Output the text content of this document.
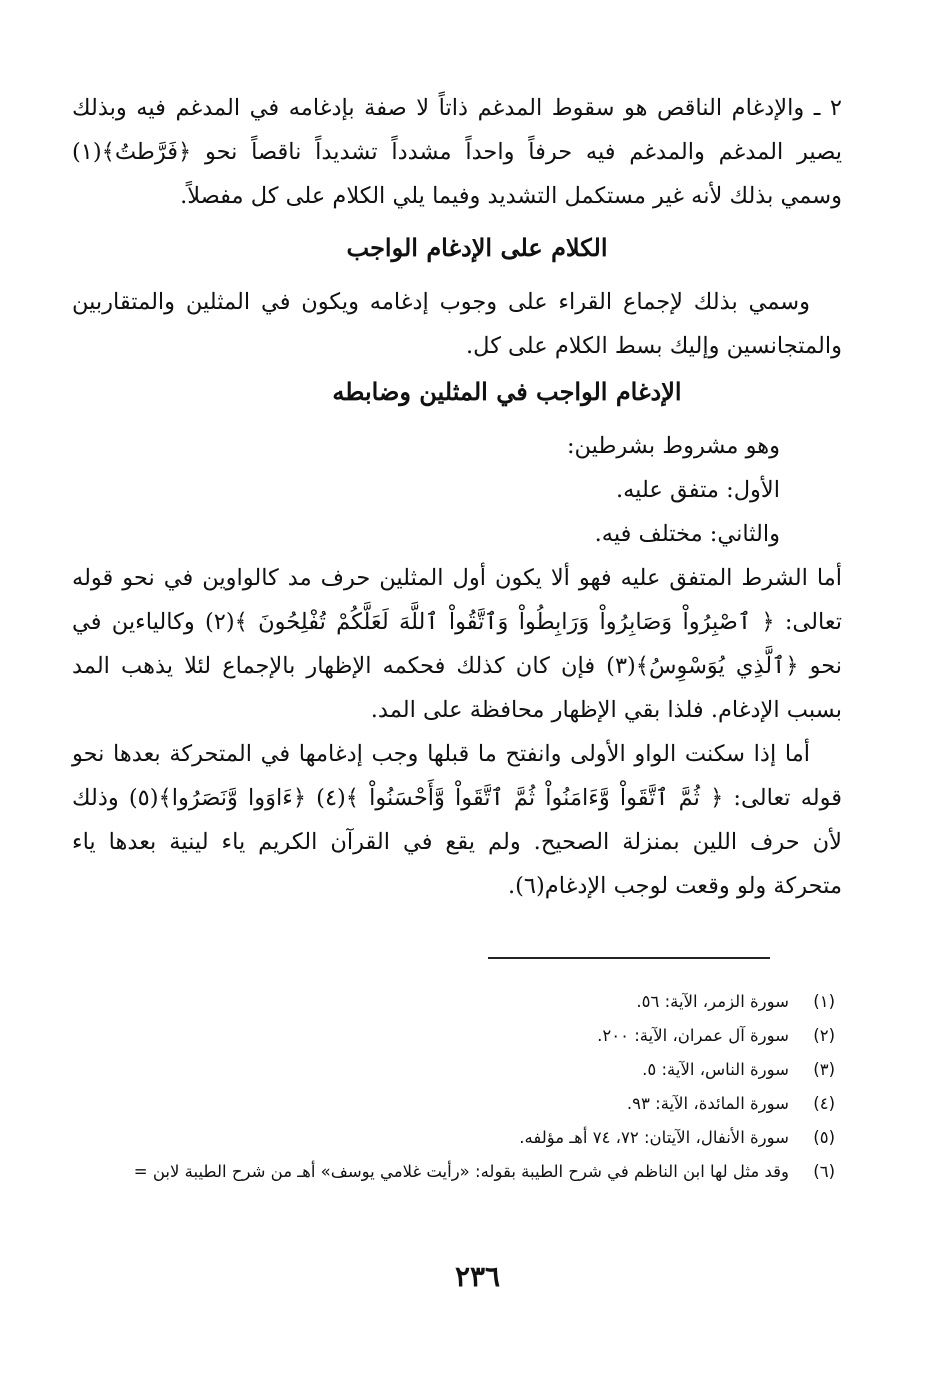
٢ ـ والإدغام الناقص هو سقوط المدغم ذاتاً لا صفة بإدغامه في المدغم فيه وبذلك يصير المدغم والمدغم فيه حرفاً واحداً مشدداً تشديداً ناقصاً نحو ﴿فَرَّطتُ﴾(١) وسمي بذلك لأنه غير مستكمل التشديد وفيما يلي الكلام على كل مفصلاً.

الكلام على الإدغام الواجب

وسمي بذلك لإجماع القراء على وجوب إدغامه ويكون في المثلين والمتقاربين والمتجانسين وإليك بسط الكلام على كل.

الإدغام الواجب في المثلين وضابطه

وهو مشروط بشرطين:

الأول: متفق عليه.

والثاني: مختلف فيه.

أما الشرط المتفق عليه فهو ألا يكون أول المثلين حرف مد كالواوين في نحو قوله تعالى: ﴿ ٱصْبِرُواْ وَصَابِرُواْ وَرَابِطُواْ وَٱتَّقُواْ ٱللَّهَ لَعَلَّكُمْ تُفْلِحُونَ ﴾(٢) وكالياءين في نحو ﴿ٱلَّذِي يُوَسْوِسُ﴾(٣) فإن كان كذلك فحكمه الإظهار بالإجماع لئلا يذهب المد بسبب الإدغام. فلذا بقي الإظهار محافظة على المد.

أما إذا سكنت الواو الأولى وانفتح ما قبلها وجب إدغامها في المتحركة بعدها نحو قوله تعالى: ﴿ ثُمَّ ٱتَّقَواْ وَّءَامَنُواْ ثُمَّ ٱتَّقَواْ وَّأَحْسَنُواْ ﴾(٤) ﴿ءَاوَوا وَّنَصَرُوا﴾(٥) وذلك لأن حرف اللين بمنزلة الصحيح. ولم يقع في القرآن الكريم ياء لينية بعدها ياء متحركة ولو وقعت لوجب الإدغام(٦).

(١)
سورة الزمر، الآية: ٥٦.
(٢)
سورة آل عمران، الآية: ٢٠٠.
(٣)
سورة الناس، الآية: ٥.
(٤)
سورة المائدة، الآية: ٩٣.
(٥)
سورة الأنفال، الآيتان: ٧٢، ٧٤ أهـ مؤلفه.
(٦)
وقد مثل لها ابن الناظم في شرح الطيبة بقوله: «رأيت غلامي يوسف» أهـ من شرح الطيبة لابن =
٢٣٦
